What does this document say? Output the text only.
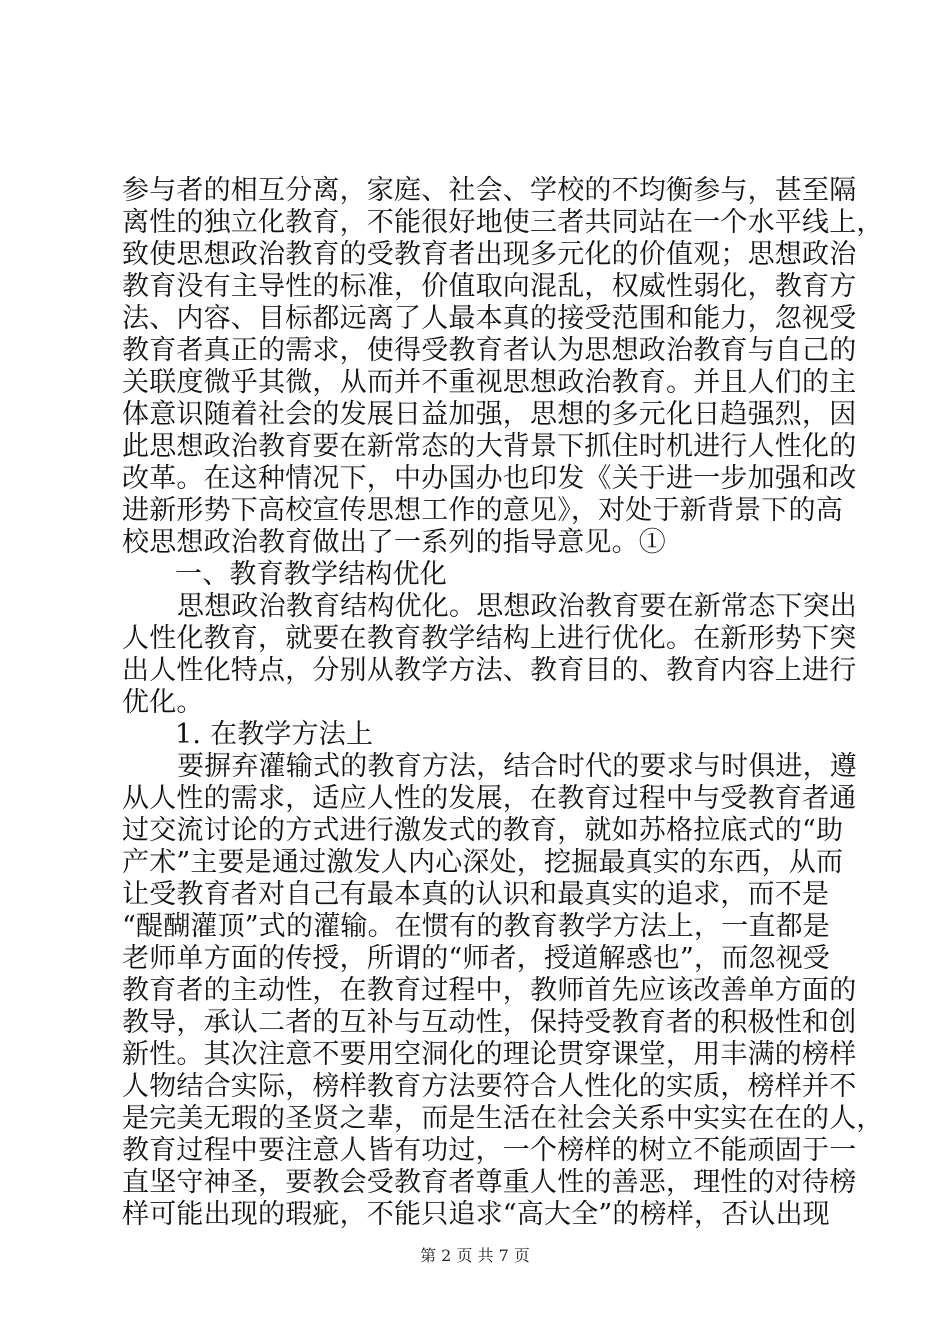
参与者的相互分离，家庭、社会、学校的不均衡参与，甚至隔
离性的独立化教育，不能很好地使三者共同站在一个水平线上，
致使思想政治教育的受教育者出现多元化的价值观；思想政治
教育没有主导性的标准，价值取向混乱，权威性弱化，教育方
法、内容、目标都远离了人最本真的接受范围和能力，忽视受
教育者真正的需求，使得受教育者认为思想政治教育与自己的
关联度微乎其微，从而并不重视思想政治教育。并且人们的主
体意识随着社会的发展日益加强，思想的多元化日趋强烈，因
此思想政治教育要在新常态的大背景下抓住时机进行人性化的
改革。在这种情况下，中办国办也印发《关于进一步加强和改
进新形势下高校宣传思想工作的意见》，对处于新背景下的高
校思想政治教育做出了一系列的指导意见。①
一、教育教学结构优化
思想政治教育结构优化。思想政治教育要在新常态下突出
人性化教育，就要在教育教学结构上进行优化。在新形势下突
出人性化特点，分别从教学方法、教育目的、教育内容上进行
优化。
1. 在教学方法上
要摒弃灌输式的教育方法，结合时代的要求与时俱进，遵
从人性的需求，适应人性的发展，在教育过程中与受教育者通
过交流讨论的方式进行激发式的教育，就如苏格拉底式的“助
产术”主要是通过激发人内心深处，挖掘最真实的东西，从而
让受教育者对自己有最本真的认识和最真实的追求，而不是
“醍醐灌顶”式的灌输。在惯有的教育教学方法上，一直都是
老师单方面的传授，所谓的“师者，授道解惑也”，而忽视受
教育者的主动性，在教育过程中，教师首先应该改善单方面的
教导，承认二者的互补与互动性，保持受教育者的积极性和创
新性。其次注意不要用空洞化的理论贯穿课堂，用丰满的榜样
人物结合实际，榜样教育方法要符合人性化的实质，榜样并不
是完美无瑕的圣贤之辈，而是生活在社会关系中实实在在的人，
教育过程中要注意人皆有功过，一个榜样的树立不能顽固于一
直坚守神圣，要教会受教育者尊重人性的善恶，理性的对待榜
样可能出现的瑕疵，不能只追求“高大全”的榜样，否认出现
第 2 页 共 7 页
